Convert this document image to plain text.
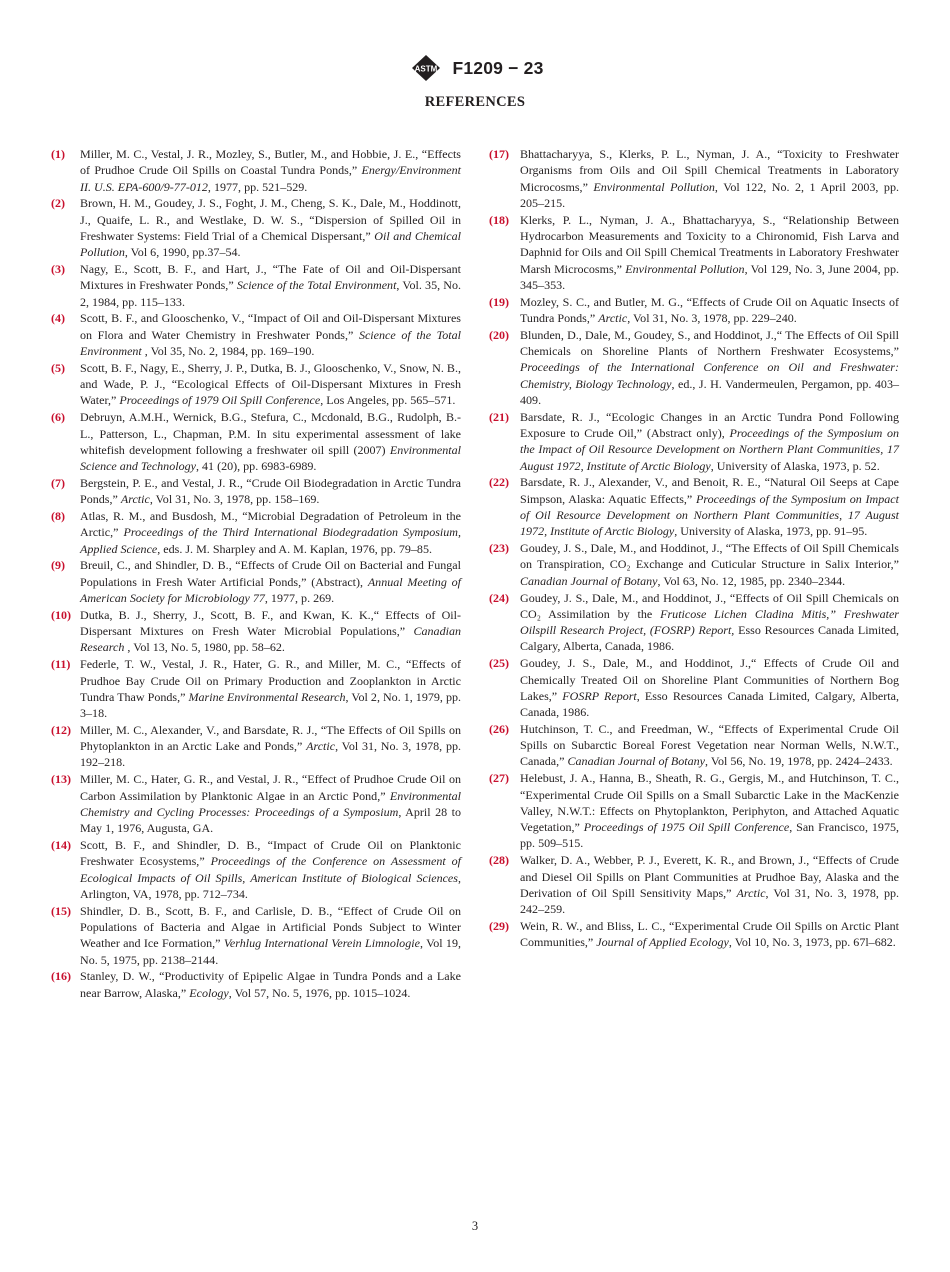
ASTM F1209 − 23
REFERENCES
(1)	Miller, M. C., Vestal, J. R., Mozley, S., Butler, M., and Hobbie, J. E., “Effects of Prudhoe Crude Oil Spills on Coastal Tundra Ponds,” Energy/Environment II. U.S. EPA-600/9-77-012, 1977, pp. 521–529.
(2)	Brown, H. M., Goudey, J. S., Foght, J. M., Cheng, S. K., Dale, M., Hoddinott, J., Quaife, L. R., and Westlake, D. W. S., “Dispersion of Spilled Oil in Freshwater Systems: Field Trial of a Chemical Dispersant,” Oil and Chemical Pollution, Vol 6, 1990, pp.37–54.
(3)	Nagy, E., Scott, B. F., and Hart, J., “The Fate of Oil and Oil-Dispersant Mixtures in Freshwater Ponds,” Science of the Total Environment, Vol. 35, No. 2, 1984, pp. 115–133.
(4)	Scott, B. F., and Glooschenko, V., “Impact of Oil and Oil-Dispersant Mixtures on Flora and Water Chemistry in Freshwater Ponds,” Science of the Total Environment , Vol 35, No. 2, 1984, pp. 169–190.
(5)	Scott, B. F., Nagy, E., Sherry, J. P., Dutka, B. J., Glooschenko, V., Snow, N. B., and Wade, P. J., “Ecological Effects of Oil-Dispersant Mixtures in Fresh Water,” Proceedings of 1979 Oil Spill Conference, Los Angeles, pp. 565–571.
(6)	Debruyn, A.M.H., Wernick, B.G., Stefura, C., Mcdonald, B.G., Rudolph, B.-L., Patterson, L., Chapman, P.M. In situ experimental assessment of lake whitefish development following a freshwater oil spill (2007) Environmental Science and Technology, 41 (20), pp. 6983-6989.
(7)	Bergstein, P. E., and Vestal, J. R., “Crude Oil Biodegradation in Arctic Tundra Ponds,” Arctic, Vol 31, No. 3, 1978, pp. 158–169.
(8)	Atlas, R. M., and Busdosh, M., “Microbial Degradation of Petroleum in the Arctic,” Proceedings of the Third International Biodegradation Symposium, Applied Science, eds. J. M. Sharpley and A. M. Kaplan, 1976, pp. 79–85.
(9)	Breuil, C., and Shindler, D. B., “Effects of Crude Oil on Bacterial and Fungal Populations in Fresh Water Artificial Ponds,” (Abstract), Annual Meeting of American Society for Microbiology 77, 1977, p. 269.
(10) Dutka, B. J., Sherry, J., Scott, B. F., and Kwan, K. K.,“ Effects of Oil-Dispersant Mixtures on Fresh Water Microbial Populations,” Canadian Research , Vol 13, No. 5, 1980, pp. 58–62.
(11) Federle, T. W., Vestal, J. R., Hater, G. R., and Miller, M. C., “Effects of Prudhoe Bay Crude Oil on Primary Production and Zooplankton in Arctic Tundra Thaw Ponds,” Marine Environmental Research, Vol 2, No. 1, 1979, pp. 3–18.
(12) Miller, M. C., Alexander, V., and Barsdate, R. J., “The Effects of Oil Spills on Phytoplankton in an Arctic Lake and Ponds,” Arctic, Vol 31, No. 3, 1978, pp. 192–218.
(13) Miller, M. C., Hater, G. R., and Vestal, J. R., “Effect of Prudhoe Crude Oil on Carbon Assimilation by Planktonic Algae in an Arctic Pond,” Environmental Chemistry and Cycling Processes: Proceedings of a Symposium, April 28 to May 1, 1976, Augusta, GA.
(14) Scott, B. F., and Shindler, D. B., “Impact of Crude Oil on Planktonic Freshwater Ecosystems,” Proceedings of the Conference on Assessment of Ecological Impacts of Oil Spills, American Institute of Biological Sciences, Arlington, VA, 1978, pp. 712–734.
(15) Shindler, D. B., Scott, B. F., and Carlisle, D. B., “Effect of Crude Oil on Populations of Bacteria and Algae in Artificial Ponds Subject to Winter Weather and Ice Formation,” Verhlug International Verein Limnologie, Vol 19, No. 5, 1975, pp. 2138–2144.
(16) Stanley, D. W., “Productivity of Epipelic Algae in Tundra Ponds and a Lake near Barrow, Alaska,” Ecology, Vol 57, No. 5, 1976, pp. 1015–1024.
(17) Bhattacharyya, S., Klerks, P. L., Nyman, J. A., “Toxicity to Freshwater Organisms from Oils and Oil Spill Chemical Treatments in Laboratory Microcosms,” Environmental Pollution, Vol 122, No. 2, 1 April 2003, pp. 205–215.
(18) Klerks, P. L., Nyman, J. A., Bhattacharyya, S., “Relationship Between Hydrocarbon Measurements and Toxicity to a Chironomid, Fish Larva and Daphnid for Oils and Oil Spill Chemical Treatments in Laboratory Freshwater Marsh Microcosms,” Environmental Pollution, Vol 129, No. 3, June 2004, pp. 345–353.
(19) Mozley, S. C., and Butler, M. G., “Effects of Crude Oil on Aquatic Insects of Tundra Ponds,” Arctic, Vol 31, No. 3, 1978, pp. 229–240.
(20) Blunden, D., Dale, M., Goudey, S., and Hoddinot, J.,“ The Effects of Oil Spill Chemicals on Shoreline Plants of Northern Freshwater Ecosystems,” Proceedings of the International Conference on Oil and Freshwater: Chemistry, Biology Technology, ed., J. H. Vandermeulen, Pergamon, pp. 403–409.
(21) Barsdate, R. J., “Ecologic Changes in an Arctic Tundra Pond Following Exposure to Crude Oil,” (Abstract only), Proceedings of the Symposium on the Impact of Oil Resource Development on Northern Plant Communities, 17 August 1972, Institute of Arctic Biology, University of Alaska, 1973, p. 52.
(22) Barsdate, R. J., Alexander, V., and Benoit, R. E., “Natural Oil Seeps at Cape Simpson, Alaska: Aquatic Effects,” Proceedings of the Symposium on Impact of Oil Resource Development on Northern Plant Communities, 17 August 1972, Institute of Arctic Biology, University of Alaska, 1973, pp. 91–95.
(23) Goudey, J. S., Dale, M., and Hoddinot, J., “The Effects of Oil Spill Chemicals on Transpiration, CO₂ Exchange and Cuticular Structure in Salix Interior,” Canadian Journal of Botany, Vol 63, No. 12, 1985, pp. 2340–2344.
(24) Goudey, J. S., Dale, M., and Hoddinot, J., “Effects of Oil Spill Chemicals on CO₂ Assimilation by the Fruticose Lichen Cladina Mitis,” Freshwater Oilspill Research Project, (FOSRP) Report, Esso Resources Canada Limited, Calgary, Alberta, Canada, 1986.
(25) Goudey, J. S., Dale, M., and Hoddinot, J.,“ Effects of Crude Oil and Chemically Treated Oil on Shoreline Plant Communities of Northern Bog Lakes,” FOSRP Report, Esso Resources Canada Limited, Calgary, Alberta, Canada, 1986.
(26) Hutchinson, T. C., and Freedman, W., “Effects of Experimental Crude Oil Spills on Subarctic Boreal Forest Vegetation near Norman Wells, N.W.T., Canada,” Canadian Journal of Botany, Vol 56, No. 19, 1978, pp. 2424–2433.
(27) Helebust, J. A., Hanna, B., Sheath, R. G., Gergis, M., and Hutchinson, T. C., “Experimental Crude Oil Spills on a Small Subarctic Lake in the MacKenzie Valley, N.W.T.: Effects on Phytoplankton, Periphyton, and Attached Aquatic Vegetation,” Proceedings of 1975 Oil Spill Conference, San Francisco, 1975, pp. 509–515.
(28) Walker, D. A., Webber, P. J., Everett, K. R., and Brown, J., “Effects of Crude and Diesel Oil Spills on Plant Communities at Prudhoe Bay, Alaska and the Derivation of Oil Spill Sensitivity Maps,” Arctic, Vol 31, No. 3, 1978, pp. 242–259.
(29) Wein, R. W., and Bliss, L. C., “Experimental Crude Oil Spills on Arctic Plant Communities,” Journal of Applied Ecology, Vol 10, No. 3, 1973, pp. 67l–682.
3
